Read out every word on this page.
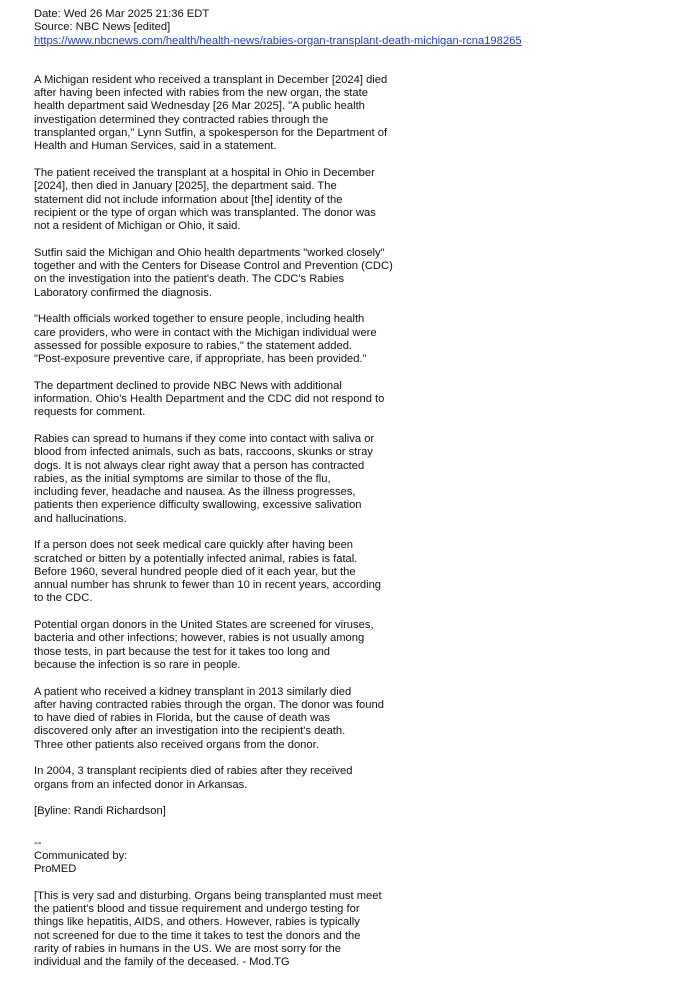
Date: Wed 26 Mar 2025 21:36 EDT
Source: NBC News [edited]
https://www.nbcnews.com/health/health-news/rabies-organ-transplant-death-michigan-rcna198265

A Michigan resident who received a transplant in December [2024] died
after having been infected with rabies from the new organ, the state
health department said Wednesday [26 Mar 2025]. "A public health
investigation determined they contracted rabies through the
transplanted organ," Lynn Sutfin, a spokesperson for the Department of
Health and Human Services, said in a statement.

The patient received the transplant at a hospital in Ohio in December
[2024], then died in January [2025], the department said. The
statement did not include information about [the] identity of the
recipient or the type of organ which was transplanted. The donor was
not a resident of Michigan or Ohio, it said.

Sutfin said the Michigan and Ohio health departments "worked closely"
together and with the Centers for Disease Control and Prevention (CDC)
on the investigation into the patient's death. The CDC's Rabies
Laboratory confirmed the diagnosis.

"Health officials worked together to ensure people, including health
care providers, who were in contact with the Michigan individual were
assessed for possible exposure to rabies," the statement added.
"Post-exposure preventive care, if appropriate, has been provided."

The department declined to provide NBC News with additional
information. Ohio's Health Department and the CDC did not respond to
requests for comment.

Rabies can spread to humans if they come into contact with saliva or
blood from infected animals, such as bats, raccoons, skunks or stray
dogs. It is not always clear right away that a person has contracted
rabies, as the initial symptoms are similar to those of the flu,
including fever, headache and nausea. As the illness progresses,
patients then experience difficulty swallowing, excessive salivation
and hallucinations.

If a person does not seek medical care quickly after having been
scratched or bitten by a potentially infected animal, rabies is fatal.
Before 1960, several hundred people died of it each year, but the
annual number has shrunk to fewer than 10 in recent years, according
to the CDC.

Potential organ donors in the United States are screened for viruses,
bacteria and other infections; however, rabies is not usually among
those tests, in part because the test for it takes too long and
because the infection is so rare in people.

A patient who received a kidney transplant in 2013 similarly died
after having contracted rabies through the organ. The donor was found
to have died of rabies in Florida, but the cause of death was
discovered only after an investigation into the recipient's death.
Three other patients also received organs from the donor.

In 2004, 3 transplant recipients died of rabies after they received
organs from an infected donor in Arkansas.

[Byline: Randi Richardson]

--
Communicated by:
ProMED

[This is very sad and disturbing. Organs being transplanted must meet
the patient's blood and tissue requirement and undergo testing for
things like hepatitis, AIDS, and others. However, rabies is typically
not screened for due to the time it takes to test the donors and the
rarity of rabies in humans in the US. We are most sorry for the
individual and the family of the deceased. - Mod.TG
